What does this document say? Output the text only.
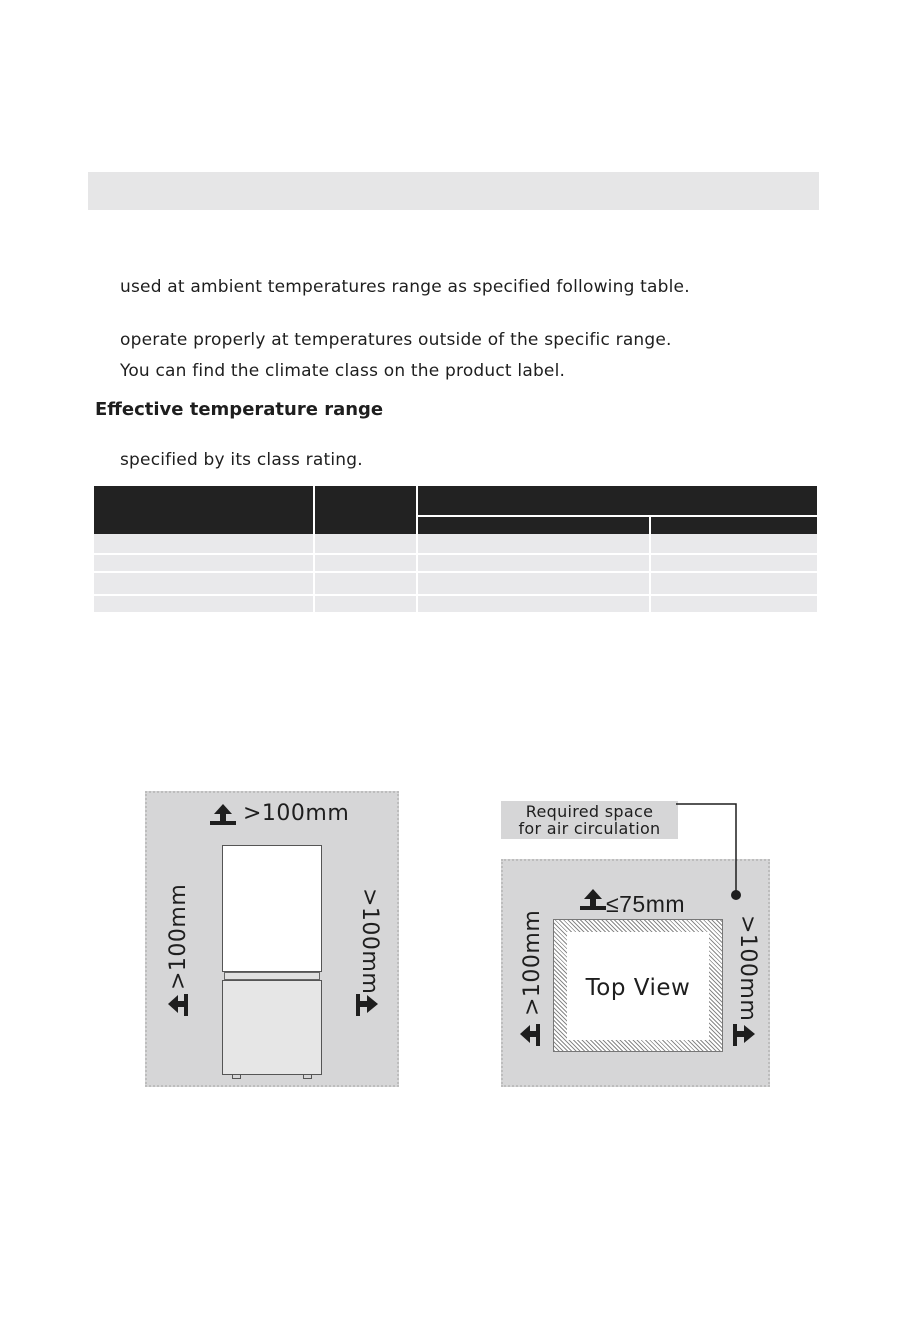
used at ambient temperatures range as specified following table.
operate properly at temperatures outside of the specific range.
You can find the climate class on the product label.
Effective temperature range
specified by its class rating.
>100mm
>100mm	>100mm
Required space
for air circulation
≤75mm
Top View
>100mm	>100mm
